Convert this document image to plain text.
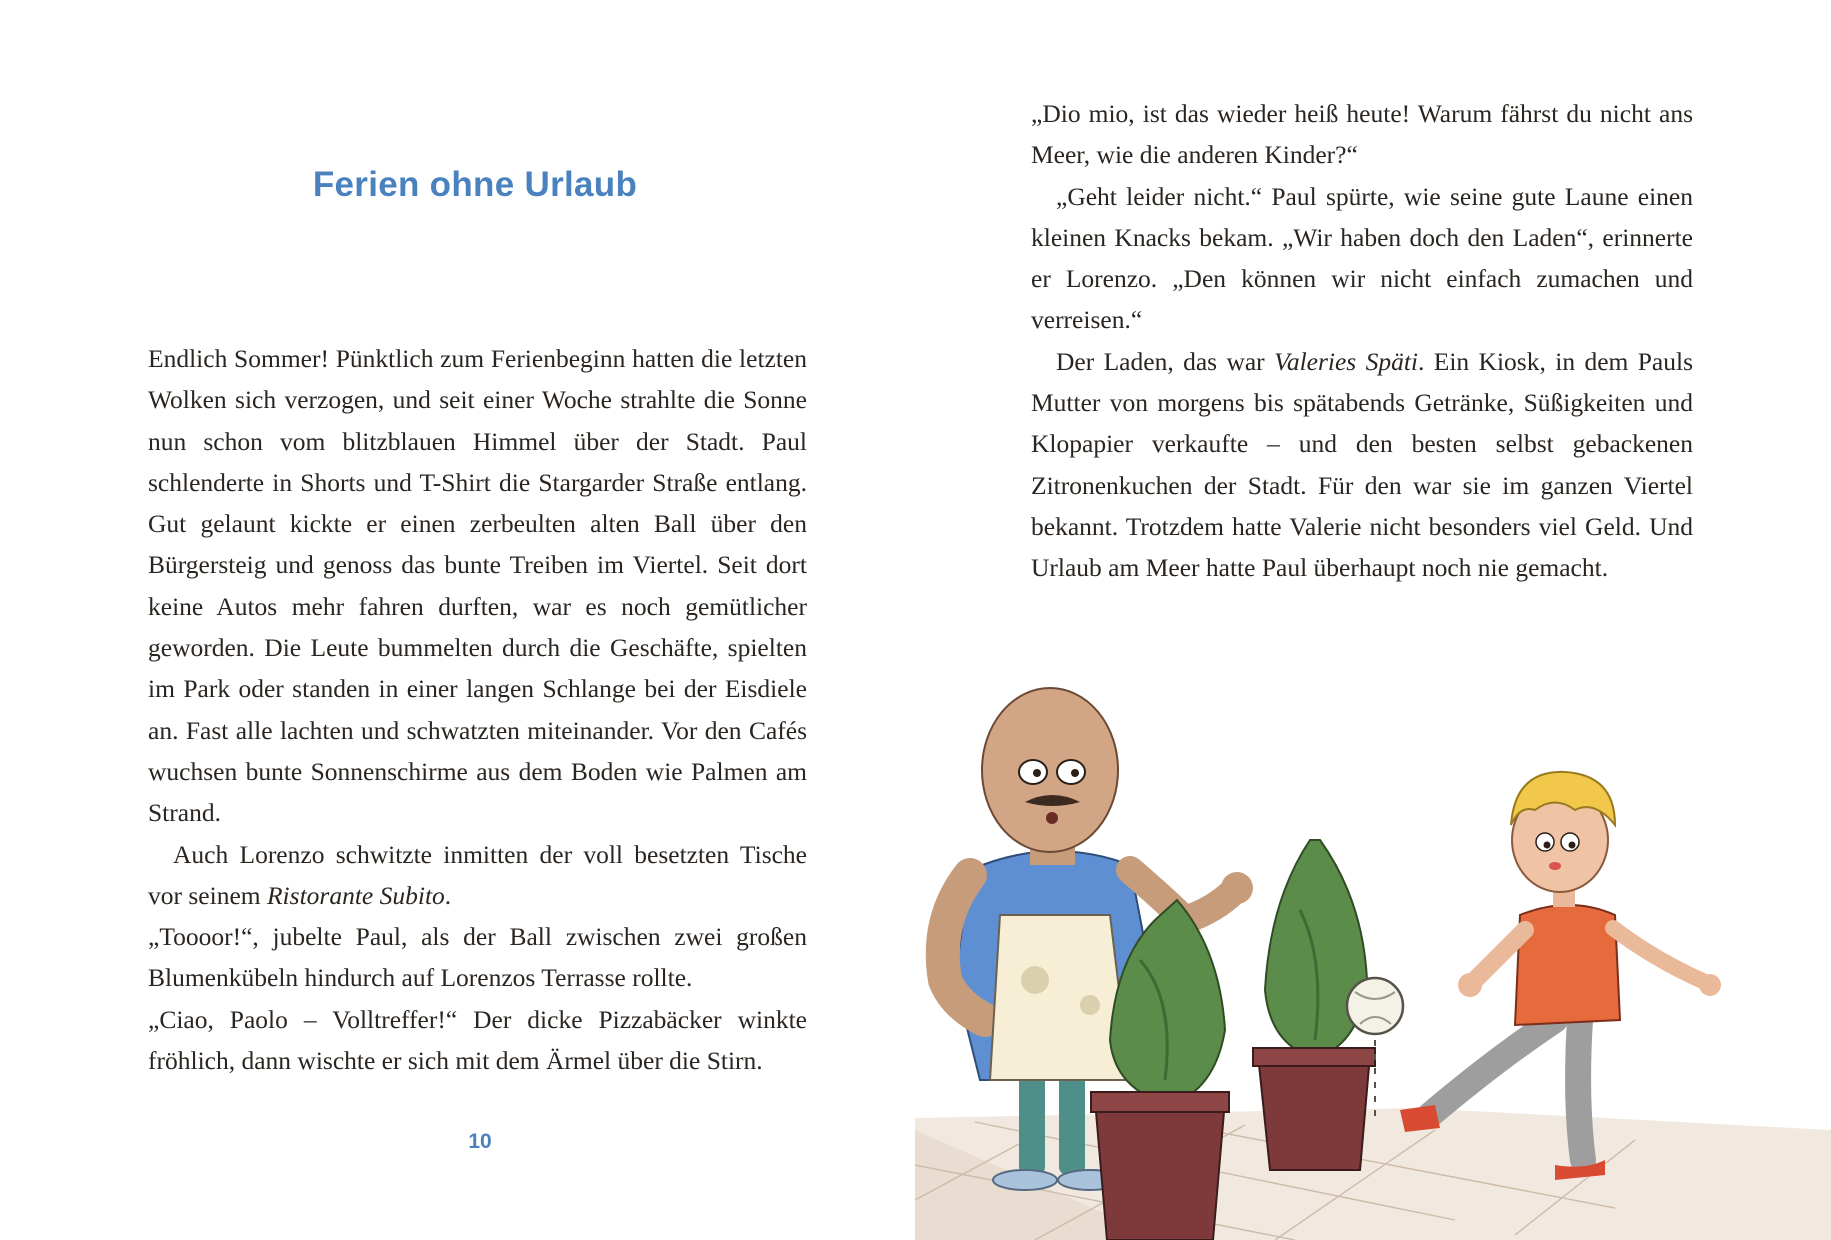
Ferien ohne Urlaub

Endlich Sommer! Pünktlich zum Ferienbeginn hatten die letzten Wolken sich verzogen, und seit einer Woche strahlte die Sonne nun schon vom blitzblauen Himmel über der Stadt. Paul schlenderte in Shorts und T-Shirt die Stargarder Straße entlang. Gut gelaunt kickte er einen zerbeulten alten Ball über den Bürgersteig und genoss das bunte Treiben im Viertel. Seit dort keine Autos mehr fahren durften, war es noch gemütlicher geworden. Die Leute bummelten durch die Geschäfte, spielten im Park oder standen in einer langen Schlange bei der Eisdiele an. Fast alle lachten und schwatzten miteinander. Vor den Cafés wuchsen bunte Sonnenschirme aus dem Boden wie Palmen am Strand.

Auch Lorenzo schwitzte inmitten der voll besetzten Tische vor seinem Ristorante Subito.

„Toooor!“, jubelte Paul, als der Ball zwischen zwei großen Blumenkübeln hindurch auf Lorenzos Terrasse rollte.

„Ciao, Paolo – Volltreffer!“ Der dicke Pizzabäcker winkte fröhlich, dann wischte er sich mit dem Ärmel über die Stirn.

10

„Dio mio, ist das wieder heiß heute! Warum fährst du nicht ans Meer, wie die anderen Kinder?“

„Geht leider nicht.“ Paul spürte, wie seine gute Laune einen kleinen Knacks bekam. „Wir haben doch den Laden“, erinnerte er Lorenzo. „Den können wir nicht einfach zumachen und verreisen.“

Der Laden, das war Valeries Späti. Ein Kiosk, in dem Pauls Mutter von morgens bis spätabends Getränke, Süßigkeiten und Klopapier verkaufte – und den besten selbst gebackenen Zitronenkuchen der Stadt. Für den war sie im ganzen Viertel bekannt. Trotzdem hatte Valerie nicht besonders viel Geld. Und Urlaub am Meer hatte Paul überhaupt noch nie gemacht.
